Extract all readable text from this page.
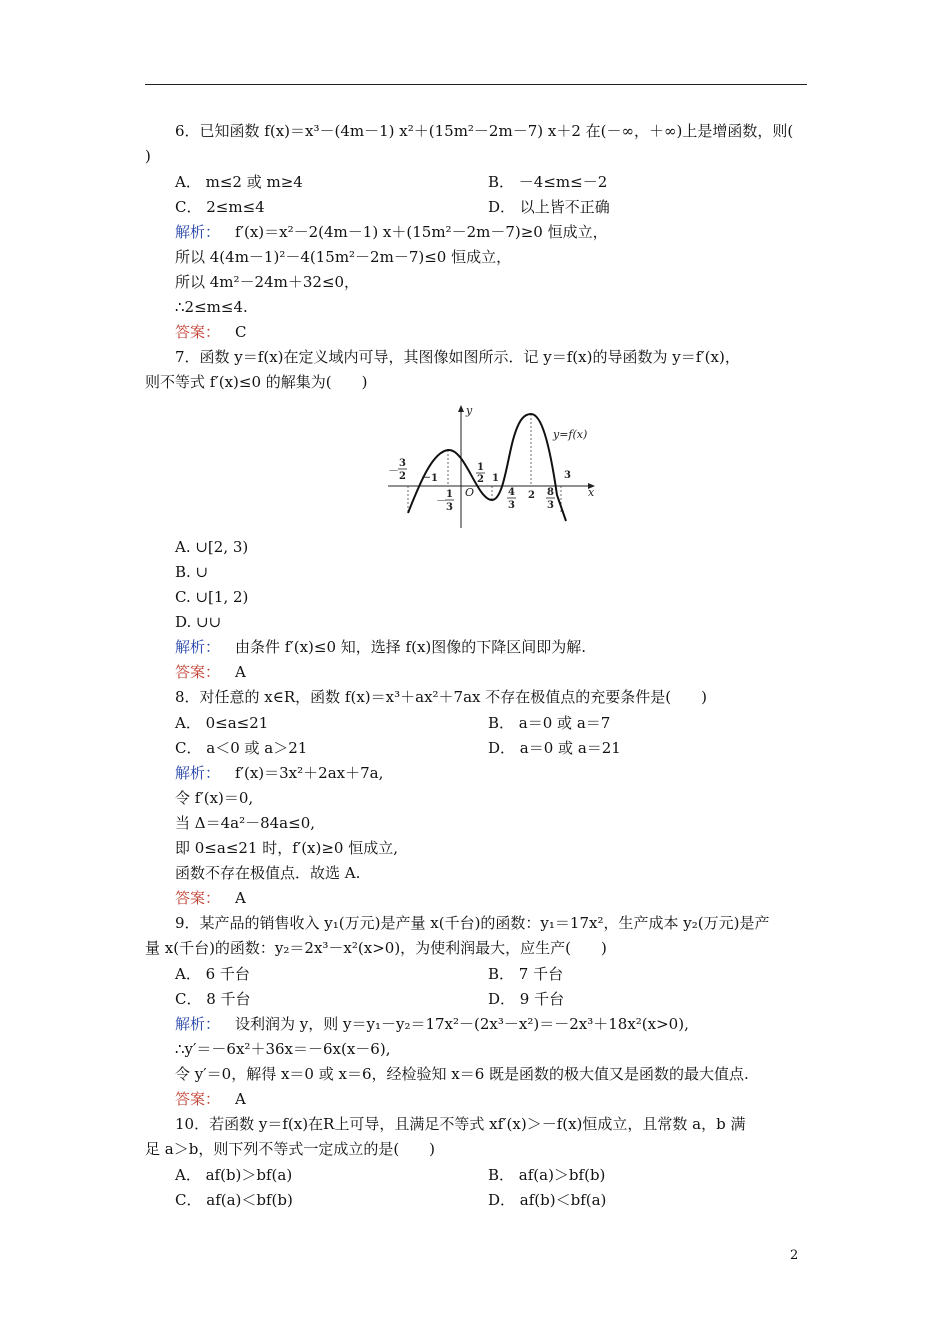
6．已知函数 f(x)＝x³－(4m－1) x²＋(15m²－2m－7) x＋2 在(－∞，＋∞)上是增函数，则(
)
A． m≤2 或 m≥4	B． －4≤m≤－2
C． 2≤m≤4	D． 以上皆不正确
解析：  f′(x)＝x²－2(4m－1) x＋(15m²－2m－7)≥0 恒成立，
所以 4(4m－1)²－4(15m²－2m－7)≤0 恒成立，
所以 4m²－24m＋32≤0，
∴2≤m≤4.
答案：  C
7．函数 y＝f(x)在定义域内可导，其图像如图所示．记 y＝f(x)的导函数为 y＝f′(x)，
则不等式 f′(x)≤0 的解集为(　　)
y
x
O
y=f(x)
－
3
2 －1
－ 1
3
1
2 1
4
3
2 8
3
3
A. ∪[2, 3)
B. ∪
C. ∪[1, 2)
D. ∪∪
解析：  由条件 f′(x)≤0 知，选择 f(x)图像的下降区间即为解.
答案：  A
8．对任意的 x∈R，函数 f(x)＝x³＋ax²＋7ax 不存在极值点的充要条件是(　　)
A． 0≤a≤21	B． a＝0 或 a＝7
C． a＜0 或 a＞21	D． a＝0 或 a＝21
解析：  f′(x)＝3x²＋2ax＋7a,
令 f′(x)＝0,
当 Δ＝4a²－84a≤0,
即 0≤a≤21 时，f′(x)≥0 恒成立,
函数不存在极值点．故选 A.
答案：  A
9．某产品的销售收入 y₁(万元)是产量 x(千台)的函数：y₁＝17x²，生产成本 y₂(万元)是产
量 x(千台)的函数：y₂＝2x³－x²(x>0)，为使利润最大，应生产(　　)
A． 6 千台	B． 7 千台
C． 8 千台	D． 9 千台
解析：  设利润为 y，则 y＝y₁－y₂＝17x²－(2x³－x²)＝－2x³＋18x²(x>0),
∴y′＝－6x²＋36x＝－6x(x－6),
令 y′＝0，解得 x＝0 或 x＝6，经检验知 x＝6 既是函数的极大值又是函数的最大值点.
答案：  A
10．若函数 y＝f(x)在R上可导，且满足不等式 xf′(x)＞－f(x)恒成立，且常数 a，b 满
足 a＞b，则下列不等式一定成立的是(　　)
A． af(b)＞bf(a)	B． af(a)＞bf(b)
C． af(a)＜bf(b)	D． af(b)＜bf(a)
2
